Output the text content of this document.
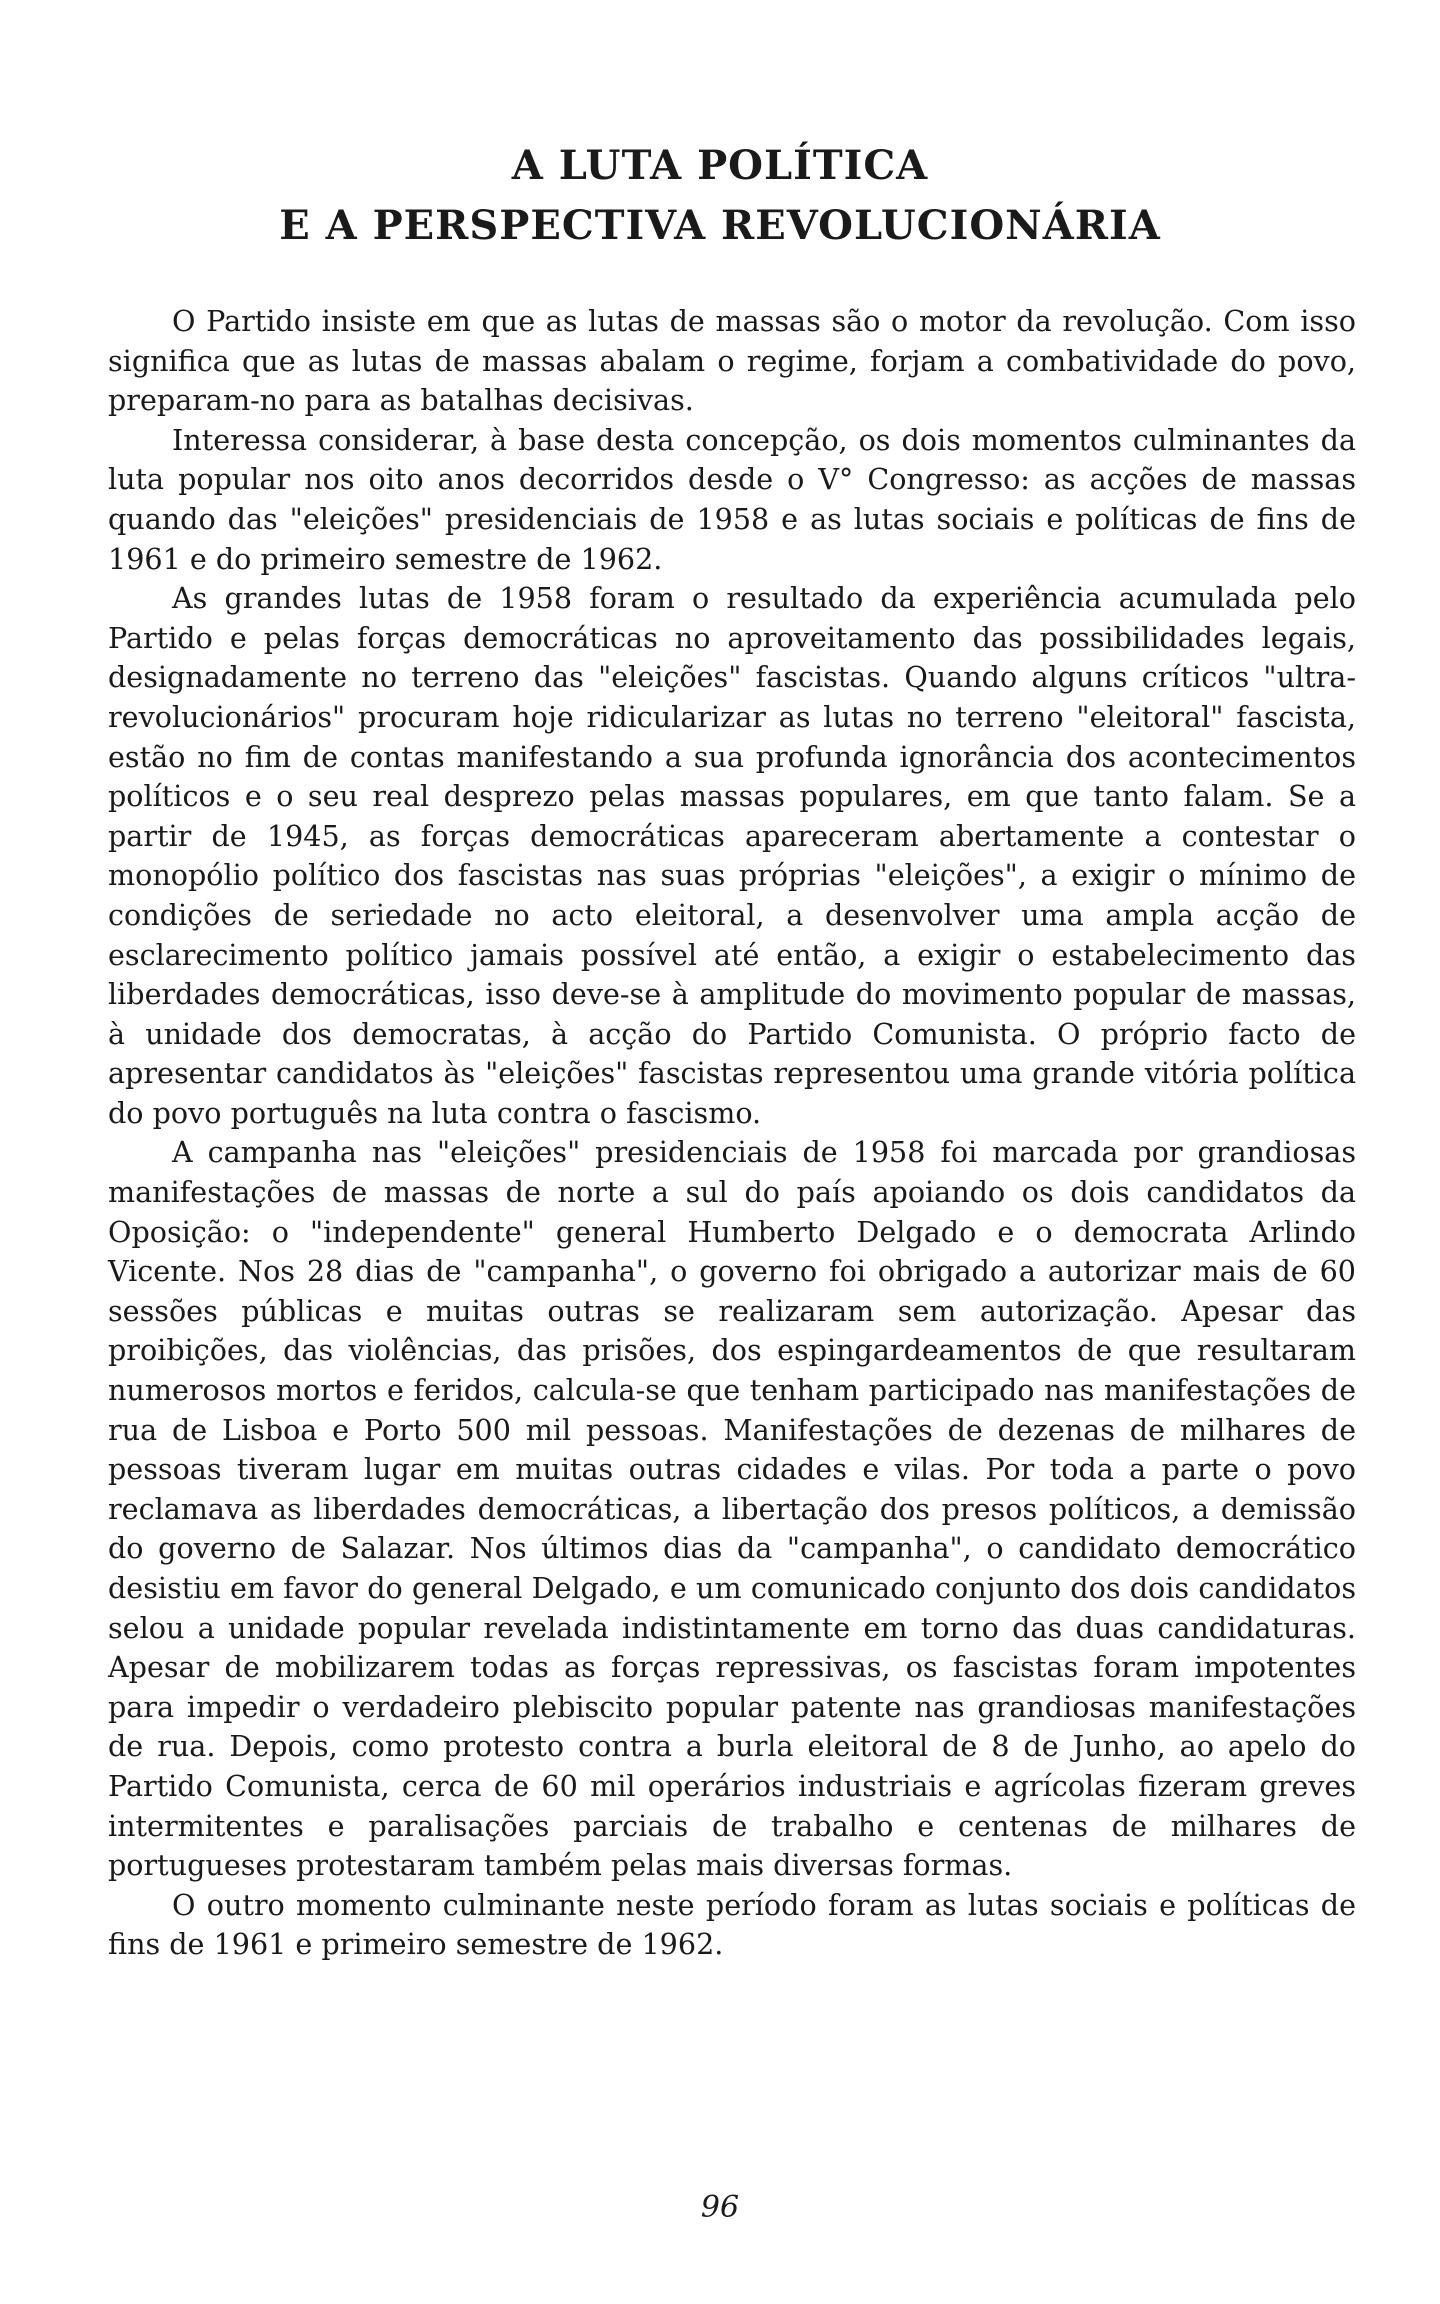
A LUTA POLÍTICA
E A PERSPECTIVA REVOLUCIONÁRIA

O Partido insiste em que as lutas de massas são o motor da revolução. Com isso significa que as lutas de massas abalam o regime, forjam a combatividade do povo, preparam-no para as batalhas decisivas.

Interessa considerar, à base desta concepção, os dois momentos culminantes da luta popular nos oito anos decorridos desde o V° Congresso: as acções de massas quando das "eleições" presidenciais de 1958 e as lutas sociais e políticas de fins de 1961 e do primeiro semestre de 1962.

As grandes lutas de 1958 foram o resultado da experiência acumulada pelo Partido e pelas forças democráticas no aproveitamento das possibilidades legais, designadamente no terreno das "eleições" fascistas. Quando alguns críticos "ultra-revolucionários" procuram hoje ridicularizar as lutas no terreno "eleitoral" fascista, estão no fim de contas manifestando a sua profunda ignorância dos acontecimentos políticos e o seu real desprezo pelas massas populares, em que tanto falam. Se a partir de 1945, as forças democráticas apareceram abertamente a contestar o monopólio político dos fascistas nas suas próprias "eleições", a exigir o mínimo de condições de seriedade no acto eleitoral, a desenvolver uma ampla acção de esclarecimento político jamais possível até então, a exigir o estabelecimento das liberdades democráticas, isso deve-se à amplitude do movimento popular de massas, à unidade dos democratas, à acção do Partido Comunista. O próprio facto de apresentar candidatos às "eleições" fascistas representou uma grande vitória política do povo português na luta contra o fascismo.

A campanha nas "eleições" presidenciais de 1958 foi marcada por grandiosas manifestações de massas de norte a sul do país apoiando os dois candidatos da Oposição: o "independente" general Humberto Delgado e o democrata Arlindo Vicente. Nos 28 dias de "campanha", o governo foi obrigado a autorizar mais de 60 sessões públicas e muitas outras se realizaram sem autorização. Apesar das proibições, das violências, das prisões, dos espingardeamentos de que resultaram numerosos mortos e feridos, calcula-se que tenham participado nas manifestações de rua de Lisboa e Porto 500 mil pessoas. Manifestações de dezenas de milhares de pessoas tiveram lugar em muitas outras cidades e vilas. Por toda a parte o povo reclamava as liberdades democráticas, a libertação dos presos políticos, a demissão do governo de Salazar. Nos últimos dias da "campanha", o candidato democrático desistiu em favor do general Delgado, e um comunicado conjunto dos dois candidatos selou a unidade popular revelada indistintamente em torno das duas candidaturas. Apesar de mobilizarem todas as forças repressivas, os fascistas foram impotentes para impedir o verdadeiro plebiscito popular patente nas grandiosas manifestações de rua. Depois, como protesto contra a burla eleitoral de 8 de Junho, ao apelo do Partido Comunista, cerca de 60 mil operários industriais e agrícolas fizeram greves intermitentes e paralisações parciais de trabalho e centenas de milhares de portugueses protestaram também pelas mais diversas formas.

O outro momento culminante neste período foram as lutas sociais e políticas de fins de 1961 e primeiro semestre de 1962.

96
